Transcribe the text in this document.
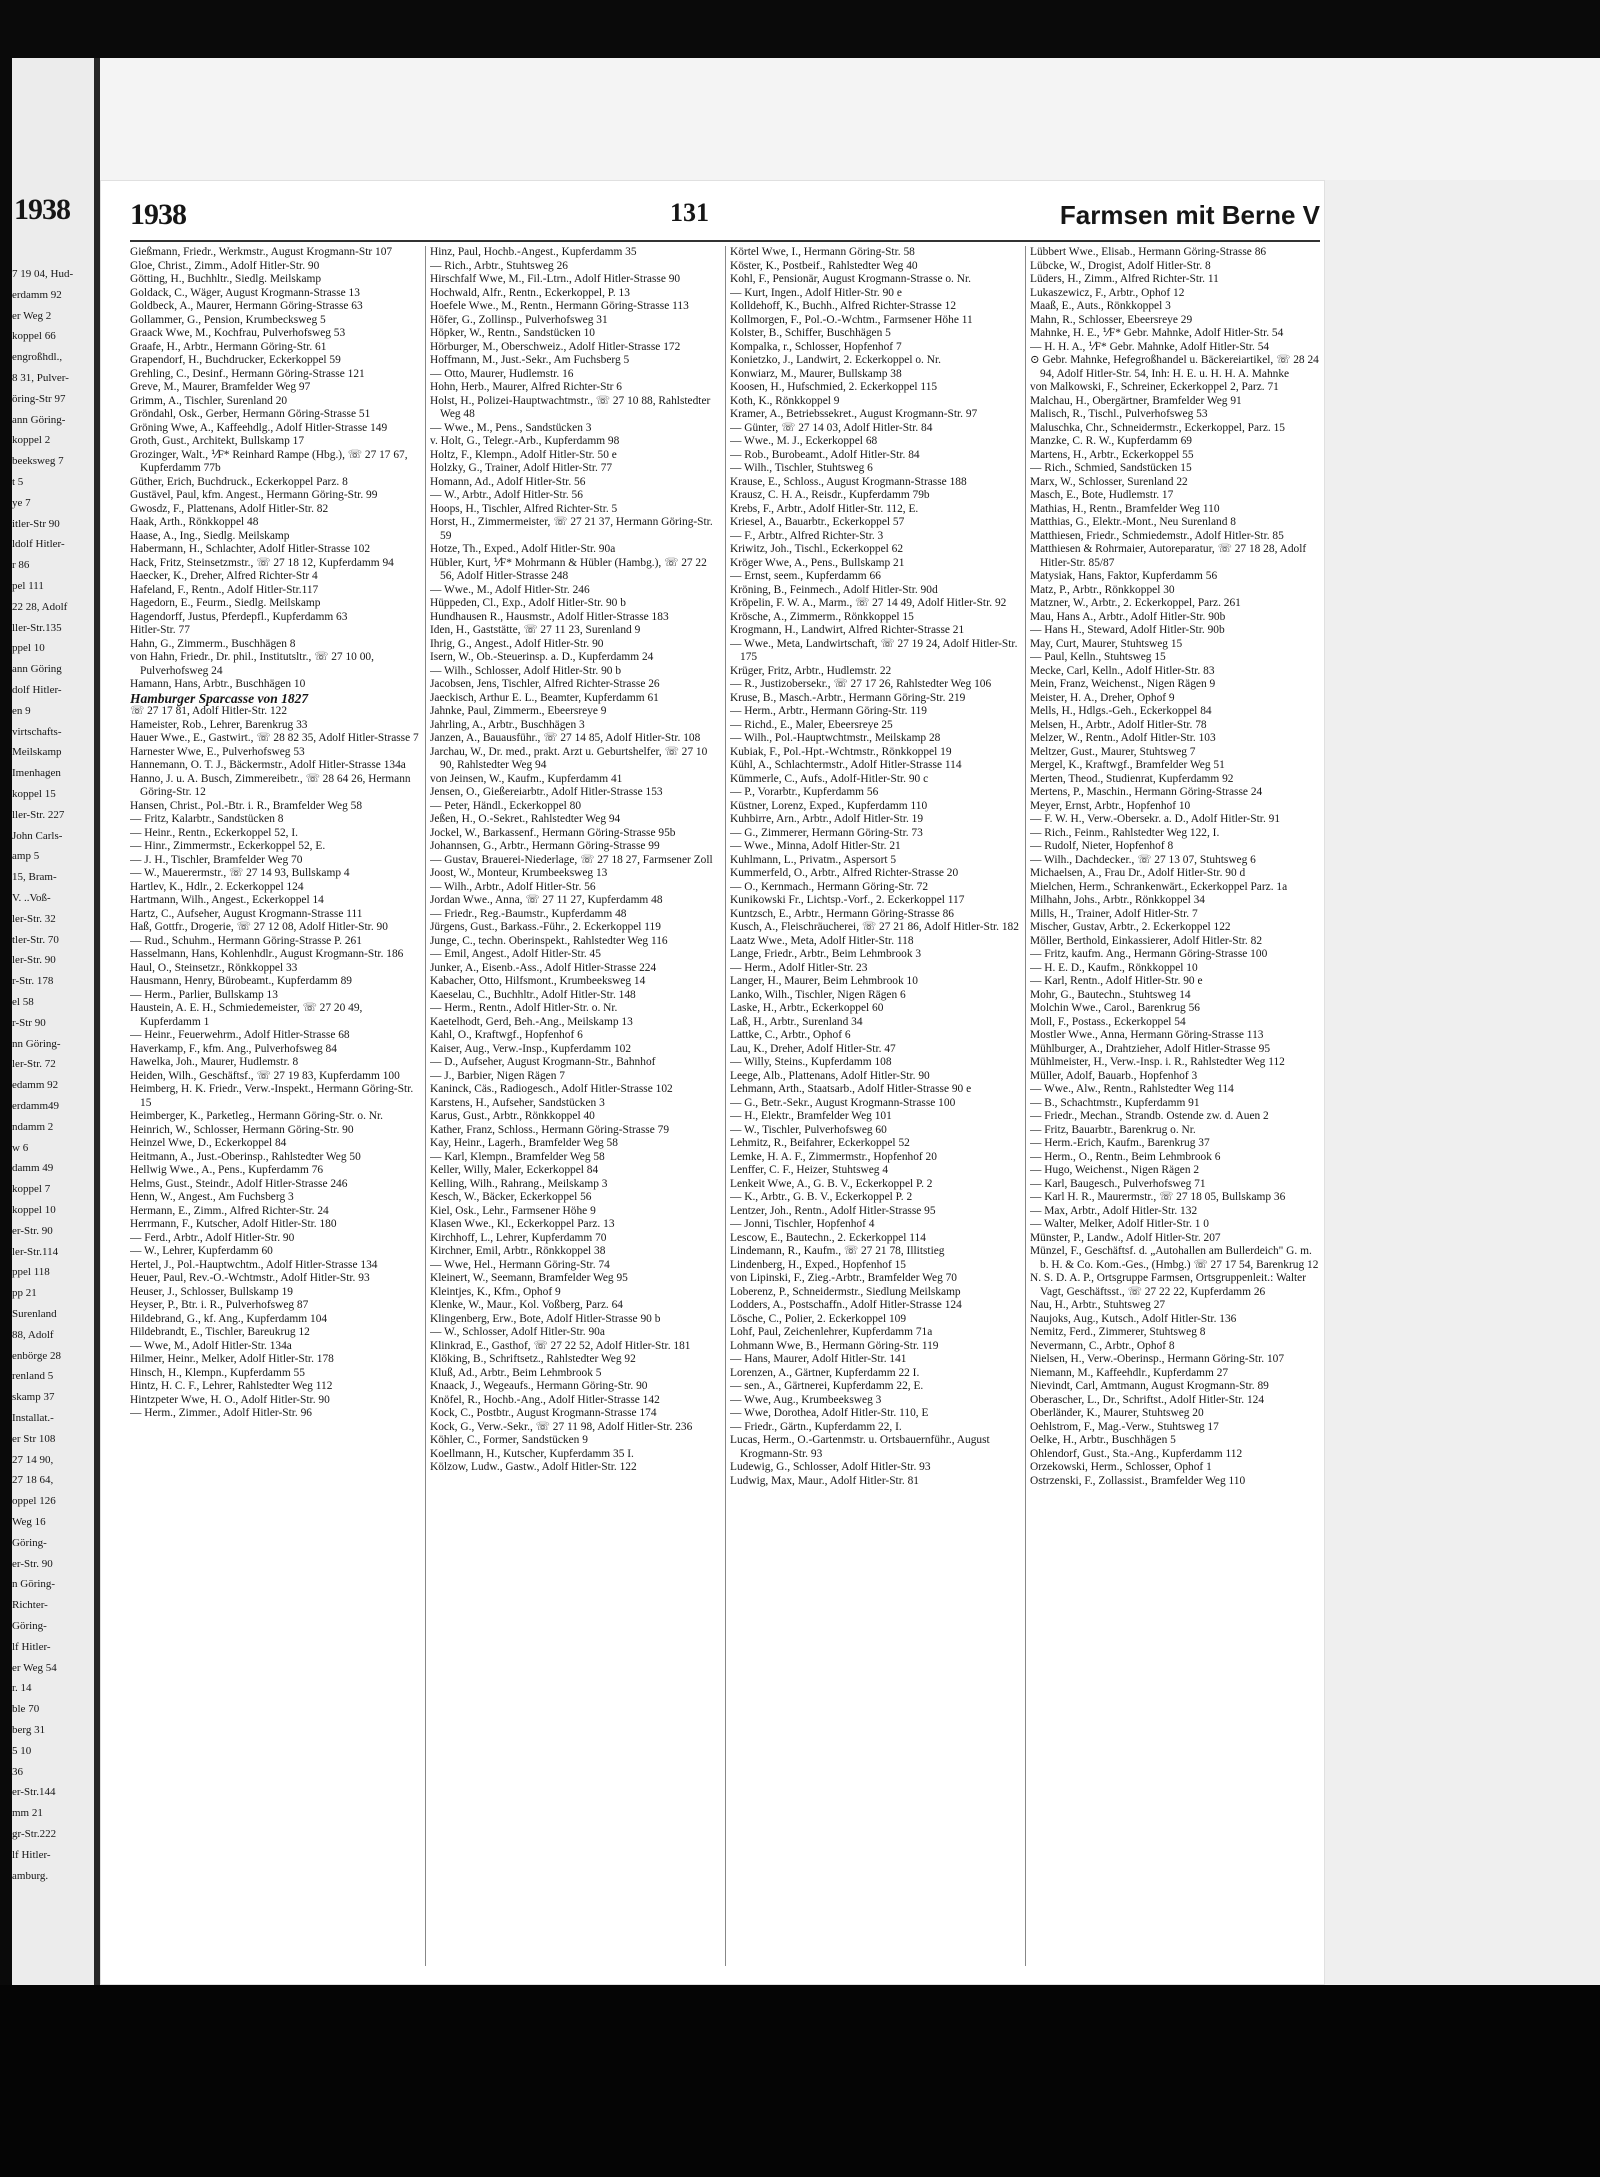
1938
7 19 04, Hud-
erdamm 92
er Weg 2
koppel 66
engroßhdl.,
8 31, Pulver-
öring-Str 97
ann Göring-
koppel 2
beeksweg 7
t 5
ye 7
itler-Str 90
ldolf Hitler-
r 86
pel 111
22 28, Adolf
ller-Str.135
ppel 10
ann Göring
dolf Hitler-
en 9
virtschafts-
Meilskamp
Imenhagen
koppel 15
ller-Str. 227
John Carls-
amp 5
15, Bram-
V. ..Voß-
ler-Str. 32
tler-Str. 70
ler-Str. 90
r-Str. 178
el 58
r-Str 90
nn Göring-
ler-Str. 72
edamm 92
erdamm49
ndamm 2
w 6
damm 49
koppel 7
koppel 10
er-Str. 90
ler-Str.114
ppel 118
pp 21
Surenland
88, Adolf
enbörge 28
renland 5
skamp 37
Installat.-
er Str 108
27 14 90,
27 18 64,
oppel 126
Weg 16
Göring-
er-Str. 90
n Göring-
Richter-
Göring-
lf Hitler-
er Weg 54
r. 14
ble 70
berg 31
5 10
36
er-Str.144
mm 21
gr-Str.222
lf Hitler-
amburg.
1938	131	Farmsen mit Berne V

Gießmann, Friedr., Werkmstr., August Krogmann-Str 107

Gloe, Christ., Zimm., Adolf Hitler-Str. 90

Götting, H., Buchhltr., Siedlg. Meilskamp

Goldack, C., Wäger, August Krogmann-Strasse 13

Goldbeck, A., Maurer, Hermann Göring-Strasse 63

Gollammer, G., Pension, Krumbecksweg 5

Graack Wwe, M., Kochfrau, Pulverhofsweg 53

Graafe, H., Arbtr., Hermann Göring-Str. 61

Grapendorf, H., Buchdrucker, Eckerkoppel 59

Grehling, C., Desinf., Hermann Göring-Strasse 121

Greve, M., Maurer, Bramfelder Weg 97

Grimm, A., Tischler, Surenland 20

Gröndahl, Osk., Gerber, Hermann Göring-Strasse 51

Gröning Wwe, A., Kaffeehdlg., Adolf Hitler-Strasse 149

Groth, Gust., Architekt, Bullskamp 17

Grozinger, Walt., ⅟F* Reinhard Rampe (Hbg.), ☏ 27 17 67, Kupferdamm 77b

Güther, Erich, Buchdruck., Eckerkoppel Parz. 8

Gustävel, Paul, kfm. Angest., Hermann Göring-Str. 99

Gwosdz, F., Plattenans, Adolf Hitler-Str. 82

Haak, Arth., Rönkkoppel 48

Haase, A., Ing., Siedlg. Meilskamp

Habermann, H., Schlachter, Adolf Hitler-Strasse 102

Hack, Fritz, Steinsetzmstr., ☏ 27 18 12, Kupferdamm 94

Haecker, K., Dreher, Alfred Richter-Str 4

Hafeland, F., Rentn., Adolf Hitler-Str.117

Hagedorn, E., Feurm., Siedlg. Meilskamp

Hagendorff, Justus, Pferdepfl., Kupferdamm 63

Hitler-Str. 77

Hahn, G., Zimmerm., Buschhägen 8

von Hahn, Friedr., Dr. phil., Institutsltr., ☏ 27 10 00, Pulverhofsweg 24

Hamann, Hans, Arbtr., Buschhägen 10

Hamburger Sparcasse von 1827

☏ 27 17 81, Adolf Hitler-Str. 122

Hameister, Rob., Lehrer, Barenkrug 33

Hauer Wwe., E., Gastwirt., ☏ 28 82 35, Adolf Hitler-Strasse 7

Harnester Wwe, E., Pulverhofsweg 53

Hannemann, O. T. J., Bäckermstr., Adolf Hitler-Strasse 134a

Hanno, J. u. A. Busch, Zimmereibetr., ☏ 28 64 26, Hermann Göring-Str. 12

Hansen, Christ., Pol.-Btr. i. R., Bramfelder Weg 58

— Fritz, Kalarbtr., Sandstücken 8

— Heinr., Rentn., Eckerkoppel 52, I.

— Hinr., Zimmermstr., Eckerkoppel 52, E.

— J. H., Tischler, Bramfelder Weg 70

— W., Mauerermstr., ☏ 27 14 93, Bullskamp 4

Hartlev, K., Hdlr., 2. Eckerkoppel 124

Hartmann, Wilh., Angest., Eckerkoppel 14

Hartz, C., Aufseher, August Krogmann-Strasse 111

Haß, Gottfr., Drogerie, ☏ 27 12 08, Adolf Hitler-Str. 90

— Rud., Schuhm., Hermann Göring-Strasse P. 261

Hasselmann, Hans, Kohlenhdlr., August Krogmann-Str. 186

Haul, O., Steinsetzr., Rönkkoppel 33

Hausmann, Henry, Bürobeamt., Kupferdamm 89

— Herm., Parlier, Bullskamp 13

Haustein, A. E. H., Schmiedemeister, ☏ 27 20 49, Kupferdamm 1

— Heinr., Feuerwehrm., Adolf Hitler-Strasse 68

Haverkamp, F., kfm. Ang., Pulverhofsweg 84

Hawelka, Joh., Maurer, Hudlemstr. 8

Heiden, Wilh., Geschäftsf., ☏ 27 19 83, Kupferdamm 100

Heimberg, H. K. Friedr., Verw.-Inspekt., Hermann Göring-Str. 15

Heimberger, K., Parketleg., Hermann Göring-Str. o. Nr.

Heinrich, W., Schlosser, Hermann Göring-Str. 90

Heinzel Wwe, D., Eckerkoppel 84

Heitmann, A., Just.-Oberinsp., Rahlstedter Weg 50

Hellwig Wwe., A., Pens., Kupferdamm 76

Helms, Gust., Steindr., Adolf Hitler-Strasse 246

Henn, W., Angest., Am Fuchsberg 3

Hermann, E., Zimm., Alfred Richter-Str. 24

Herrmann, F., Kutscher, Adolf Hitler-Str. 180

— Ferd., Arbtr., Adolf Hitler-Str. 90

— W., Lehrer, Kupferdamm 60

Hertel, J., Pol.-Hauptwchtm., Adolf Hitler-Strasse 134

Heuer, Paul, Rev.-O.-Wchtmstr., Adolf Hitler-Str. 93

Heuser, J., Schlosser, Bullskamp 19

Heyser, P., Btr. i. R., Pulverhofsweg 87

Hildebrand, G., kf. Ang., Kupferdamm 104

Hildebrandt, E., Tischler, Bareukrug 12

— Wwe, M., Adolf Hitler-Str. 134a

Hilmer, Heinr., Melker, Adolf Hitler-Str. 178

Hinsch, H., Klempn., Kupferdamm 55

Hintz, H. C. F., Lehrer, Rahlstedter Weg 112

Hintzpeter Wwe, H. O., Adolf Hitler-Str. 90

— Herm., Zimmer., Adolf Hitler-Str. 96

Hinz, Paul, Hochb.-Angest., Kupferdamm 35

— Rich., Arbtr., Stuhtsweg 26

Hirschfalf Wwe, M., Fil.-Ltrn., Adolf Hitler-Strasse 90

Hochwald, Alfr., Rentn., Eckerkoppel, P. 13

Hoefele Wwe., M., Rentn., Hermann Göring-Strasse 113

Höfer, G., Zollinsp., Pulverhofsweg 31

Höpker, W., Rentn., Sandstücken 10

Hörburger, M., Oberschweiz., Adolf Hitler-Strasse 172

Hoffmann, M., Just.-Sekr., Am Fuchsberg 5

— Otto, Maurer, Hudlemstr. 16

Hohn, Herb., Maurer, Alfred Richter-Str 6

Holst, H., Polizei-Hauptwachtmstr., ☏ 27 10 88, Rahlstedter Weg 48

— Wwe., M., Pens., Sandstücken 3

v. Holt, G., Telegr.-Arb., Kupferdamm 98

Holtz, F., Klempn., Adolf Hitler-Str. 50 e

Holzky, G., Trainer, Adolf Hitler-Str. 77

Homann, Ad., Adolf Hitler-Str. 56

— W., Arbtr., Adolf Hitler-Str. 56

Hoops, H., Tischler, Alfred Richter-Str. 5

Horst, H., Zimmermeister, ☏ 27 21 37, Hermann Göring-Str. 59

Hotze, Th., Exped., Adolf Hitler-Str. 90a

Hübler, Kurt, ⅟F* Mohrmann & Hübler (Hambg.), ☏ 27 22 56, Adolf Hitler-Strasse 248

— Wwe., M., Adolf Hitler-Str. 246

Hüppeden, Cl., Exp., Adolf Hitler-Str. 90 b

Hundhausen R., Hausmstr., Adolf Hitler-Strasse 183

Iden, H., Gaststätte, ☏ 27 11 23, Surenland 9

Ihrig, G., Angest., Adolf Hitler-Str. 90

Isern, W., Ob.-Steuerinsp. a. D., Kupferdamm 24

— Wilh., Schlosser, Adolf Hitler-Str. 90 b

Jacobsen, Jens, Tischler, Alfred Richter-Strasse 26

Jaeckisch, Arthur E. L., Beamter, Kupferdamm 61

Jahnke, Paul, Zimmerm., Ebeersreye 9

Jahrling, A., Arbtr., Buschhägen 3

Janzen, A., Bauausführ., ☏ 27 14 85, Adolf Hitler-Str. 108

Jarchau, W., Dr. med., prakt. Arzt u. Geburtshelfer, ☏ 27 10 90, Rahlstedter Weg 94

von Jeinsen, W., Kaufm., Kupferdamm 41

Jensen, O., Gießereiarbtr., Adolf Hitler-Strasse 153

— Peter, Händl., Eckerkoppel 80

Jeßen, H., O.-Sekret., Rahlstedter Weg 94

Jockel, W., Barkassenf., Hermann Göring-Strasse 95b

Johannsen, G., Arbtr., Hermann Göring-Strasse 99

— Gustav, Brauerei-Niederlage, ☏ 27 18 27, Farmsener Zoll

Joost, W., Monteur, Krumbeeksweg 13

— Wilh., Arbtr., Adolf Hitler-Str. 56

Jordan Wwe., Anna, ☏ 27 11 27, Kupferdamm 48

— Friedr., Reg.-Baumstr., Kupferdamm 48

Jürgens, Gust., Barkass.-Führ., 2. Eckerkoppel 119

Junge, C., techn. Oberinspekt., Rahlstedter Weg 116

— Emil, Angest., Adolf Hitler-Str. 45

Junker, A., Eisenb.-Ass., Adolf Hitler-Strasse 224

Kabacher, Otto, Hilfsmont., Krumbeeksweg 14

Kaeselau, C., Buchhltr., Adolf Hitler-Str. 148

— Herm., Rentn., Adolf Hitler-Str. o. Nr.

Kaetelhodt, Gerd, Beh.-Ang., Meilskamp 13

Kahl, O., Kraftwgf., Hopfenhof 6

Kaiser, Aug., Verw.-Insp., Kupferdamm 102

— D., Aufseher, August Krogmann-Str., Bahnhof

— J., Barbier, Nigen Rägen 7

Kaninck, Cäs., Radiogesch., Adolf Hitler-Strasse 102

Karstens, H., Aufseher, Sandstücken 3

Karus, Gust., Arbtr., Rönkkoppel 40

Kather, Franz, Schloss., Hermann Göring-Strasse 79

Kay, Heinr., Lagerh., Bramfelder Weg 58

— Karl, Klempn., Bramfelder Weg 58

Keller, Willy, Maler, Eckerkoppel 84

Kelling, Wilh., Rahrang., Meilskamp 3

Kesch, W., Bäcker, Eckerkoppel 56

Kiel, Osk., Lehr., Farmsener Höhe 9

Klasen Wwe., Kl., Eckerkoppel Parz. 13

Kirchhoff, L., Lehrer, Kupferdamm 70

Kirchner, Emil, Arbtr., Rönkkoppel 38

— Wwe, Hel., Hermann Göring-Str. 74

Kleinert, W., Seemann, Bramfelder Weg 95

Kleintjes, K., Kfm., Ophof 9

Klenke, W., Maur., Kol. Voßberg, Parz. 64

Klingenberg, Erw., Bote, Adolf Hitler-Strasse 90 b

— W., Schlosser, Adolf Hitler-Str. 90a

Klinkrad, E., Gasthof, ☏ 27 22 52, Adolf Hitler-Str. 181

Klöking, B., Schriftsetz., Rahlstedter Weg 92

Kluß, Ad., Arbtr., Beim Lehmbrook 5

Knaack, J., Wegeaufs., Hermann Göring-Str. 90

Knöfel, R., Hochb.-Ang., Adolf Hitler-Strasse 142

Kock, C., Postbtr., August Krogmann-Strasse 174

Kock, G., Verw.-Sekr., ☏ 27 11 98, Adolf Hitler-Str. 236

Köhler, C., Former, Sandstücken 9

Koellmann, H., Kutscher, Kupferdamm 35 I.

Kölzow, Ludw., Gastw., Adolf Hitler-Str. 122

Körtel Wwe, I., Hermann Göring-Str. 58

Köster, K., Postbeif., Rahlstedter Weg 40

Kohl, F., Pensionär, August Krogmann-Strasse o. Nr.

— Kurt, Ingen., Adolf Hitler-Str. 90 e

Kolldehoff, K., Buchh., Alfred Richter-Strasse 12

Kollmorgen, F., Pol.-O.-Wchtm., Farmsener Höhe 11

Kolster, B., Schiffer, Buschhägen 5

Kompalka, r., Schlosser, Hopfenhof 7

Konietzko, J., Landwirt, 2. Eckerkoppel o. Nr.

Konwiarz, M., Maurer, Bullskamp 38

Koosen, H., Hufschmied, 2. Eckerkoppel 115

Koth, K., Rönkkoppel 9

Kramer, A., Betriebssekret., August Krogmann-Str. 97

— Günter, ☏ 27 14 03, Adolf Hitler-Str. 84

— Wwe., M. J., Eckerkoppel 68

— Rob., Burobeamt., Adolf Hitler-Str. 84

— Wilh., Tischler, Stuhtsweg 6

Krause, E., Schloss., August Krogmann-Strasse 188

Krausz, C. H. A., Reisdr., Kupferdamm 79b

Krebs, F., Arbtr., Adolf Hitler-Str. 112, E.

Kriesel, A., Bauarbtr., Eckerkoppel 57

— F., Arbtr., Alfred Richter-Str. 3

Kriwitz, Joh., Tischl., Eckerkoppel 62

Kröger Wwe, A., Pens., Bullskamp 21

— Ernst, seem., Kupferdamm 66

Kröning, B., Feinmech., Adolf Hitler-Str. 90d

Kröpelin, F. W. A., Marm., ☏ 27 14 49, Adolf Hitler-Str. 92

Krösche, A., Zimmerm., Rönkkoppel 15

Krogmann, H., Landwirt, Alfred Richter-Strasse 21

— Wwe., Meta, Landwirtschaft, ☏ 27 19 24, Adolf Hitler-Str. 175

Krüger, Fritz, Arbtr., Hudlemstr. 22

— R., Justizobersekr., ☏ 27 17 26, Rahlstedter Weg 106

Kruse, B., Masch.-Arbtr., Hermann Göring-Str. 219

— Herm., Arbtr., Hermann Göring-Str. 119

— Richd., E., Maler, Ebeersreye 25

— Wilh., Pol.-Hauptwchtmstr., Meilskamp 28

Kubiak, F., Pol.-Hpt.-Wchtmstr., Rönkkoppel 19

Kühl, A., Schlachtermstr., Adolf Hitler-Strasse 114

Kümmerle, C., Aufs., Adolf-Hitler-Str. 90 c

— P., Vorarbtr., Kupferdamm 56

Küstner, Lorenz, Exped., Kupferdamm 110

Kuhbirre, Arn., Arbtr., Adolf Hitler-Str. 19

— G., Zimmerer, Hermann Göring-Str. 73

— Wwe., Minna, Adolf Hitler-Str. 21

Kuhlmann, L., Privatm., Aspersort 5

Kummerfeld, O., Arbtr., Alfred Richter-Strasse 20

— O., Kernmach., Hermann Göring-Str. 72

Kunikowski Fr., Lichtsp.-Vorf., 2. Eckerkoppel 117

Kuntzsch, E., Arbtr., Hermann Göring-Strasse 86

Kusch, A., Fleischräucherei, ☏ 27 21 86, Adolf Hitler-Str. 182

Laatz Wwe., Meta, Adolf Hitler-Str. 118

Lange, Friedr., Arbtr., Beim Lehmbrook 3

— Herm., Adolf Hitler-Str. 23

Langer, H., Maurer, Beim Lehmbrook 10

Lanko, Wilh., Tischler, Nigen Rägen 6

Laske, H., Arbtr., Eckerkoppel 60

Laß, H., Arbtr., Surenland 34

Lattke, C., Arbtr., Ophof 6

Lau, K., Dreher, Adolf Hitler-Str. 47

— Willy, Steins., Kupferdamm 108

Leege, Alb., Plattenans, Adolf Hitler-Str. 90

Lehmann, Arth., Staatsarb., Adolf Hitler-Strasse 90 e

— G., Betr.-Sekr., August Krogmann-Strasse 100

— H., Elektr., Bramfelder Weg 101

— W., Tischler, Pulverhofsweg 60

Lehmitz, R., Beifahrer, Eckerkoppel 52

Lemke, H. A. F., Zimmermstr., Hopfenhof 20

Lenffer, C. F., Heizer, Stuhtsweg 4

Lenkeit Wwe, A., G. B. V., Eckerkoppel P. 2

— K., Arbtr., G. B. V., Eckerkoppel P. 2

Lentzer, Joh., Rentn., Adolf Hitler-Strasse 95

— Jonni, Tischler, Hopfenhof 4

Lescow, E., Bautechn., 2. Eckerkoppel 114

Lindemann, R., Kaufm., ☏ 27 21 78, Illitstieg

Lindenberg, H., Exped., Hopfenhof 15

von Lipinski, F., Zieg.-Arbtr., Bramfelder Weg 70

Loberenz, P., Schneidermstr., Siedlung Meilskamp

Lodders, A., Postschaffn., Adolf Hitler-Strasse 124

Lösche, C., Polier, 2. Eckerkoppel 109

Lohf, Paul, Zeichenlehrer, Kupferdamm 71a

Lohmann Wwe, B., Hermann Göring-Str. 119

— Hans, Maurer, Adolf Hitler-Str. 141

Lorenzen, A., Gärtner, Kupferdamm 22 I.

— sen., A., Gärtnerei, Kupferdamm 22, E.

— Wwe, Aug., Krumbeeksweg 3

— Wwe, Dorothea, Adolf Hitler-Str. 110, E

— Friedr., Gärtn., Kupferdamm 22, I.

Lucas, Herm., O.-Gartenmstr. u. Ortsbauernführ., August Krogmann-Str. 93

Ludewig, G., Schlosser, Adolf Hitler-Str. 93

Ludwig, Max, Maur., Adolf Hitler-Str. 81

Lübbert Wwe., Elisab., Hermann Göring-Strasse 86

Lübcke, W., Drogist, Adolf Hitler-Str. 8

Lüders, H., Zimm., Alfred Richter-Str. 11

Lukaszewicz, F., Arbtr., Ophof 12

Maaß, E., Auts., Rönkkoppel 3

Mahn, R., Schlosser, Ebeersreye 29

Mahnke, H. E., ⅟F* Gebr. Mahnke, Adolf Hitler-Str. 54

— H. H. A., ⅟F* Gebr. Mahnke, Adolf Hitler-Str. 54

⊙ Gebr. Mahnke, Hefegroßhandel u. Bäckereiartikel, ☏ 28 24 94, Adolf Hitler-Str. 54, Inh: H. E. u. H. H. A. Mahnke

von Malkowski, F., Schreiner, Eckerkoppel 2, Parz. 71

Malchau, H., Obergärtner, Bramfelder Weg 91

Malisch, R., Tischl., Pulverhofsweg 53

Maluschka, Chr., Schneidermstr., Eckerkoppel, Parz. 15

Manzke, C. R. W., Kupferdamm 69

Martens, H., Arbtr., Eckerkoppel 55

— Rich., Schmied, Sandstücken 15

Marx, W., Schlosser, Surenland 22

Masch, E., Bote, Hudlemstr. 17

Mathias, H., Rentn., Bramfelder Weg 110

Matthias, G., Elektr.-Mont., Neu Surenland 8

Matthiesen, Friedr., Schmiedemstr., Adolf Hitler-Str. 85

Matthiesen & Rohrmaier, Autoreparatur, ☏ 27 18 28, Adolf Hitler-Str. 85/87

Matysiak, Hans, Faktor, Kupferdamm 56

Matz, P., Arbtr., Rönkkoppel 30

Matzner, W., Arbtr., 2. Eckerkoppel, Parz. 261

Mau, Hans A., Arbtr., Adolf Hitler-Str. 90b

— Hans H., Steward, Adolf Hitler-Str. 90b

May, Curt, Maurer, Stuhtsweg 15

— Paul, Kelln., Stuhtsweg 15

Mecke, Carl, Kelln., Adolf Hitler-Str. 83

Mein, Franz, Weichenst., Nigen Rägen 9

Meister, H. A., Dreher, Ophof 9

Mells, H., Hdlgs.-Geh., Eckerkoppel 84

Melsen, H., Arbtr., Adolf Hitler-Str. 78

Melzer, W., Rentn., Adolf Hitler-Str. 103

Meltzer, Gust., Maurer, Stuhtsweg 7

Mergel, K., Kraftwgf., Bramfelder Weg 51

Merten, Theod., Studienrat, Kupferdamm 92

Mertens, P., Maschin., Hermann Göring-Strasse 24

Meyer, Ernst, Arbtr., Hopfenhof 10

— F. W. H., Verw.-Obersekr. a. D., Adolf Hitler-Str. 91

— Rich., Feinm., Rahlstedter Weg 122, I.

— Rudolf, Nieter, Hopfenhof 8

— Wilh., Dachdecker., ☏ 27 13 07, Stuhtsweg 6

Michaelsen, A., Frau Dr., Adolf Hitler-Str. 90 d

Mielchen, Herm., Schrankenwärt., Eckerkoppel Parz. 1a

Milhahn, Johs., Arbtr., Rönkkoppel 34

Mills, H., Trainer, Adolf Hitler-Str. 7

Mischer, Gustav, Arbtr., 2. Eckerkoppel 122

Möller, Berthold, Einkassierer, Adolf Hitler-Str. 82

— Fritz, kaufm. Ang., Hermann Göring-Strasse 100

— H. E. D., Kaufm., Rönkkoppel 10

— Karl, Rentn., Adolf Hitler-Str. 90 e

Mohr, G., Bautechn., Stuhtsweg 14

Molchin Wwe., Carol., Barenkrug 56

Moll, F., Postass., Eckerkoppel 54

Mostler Wwe., Anna, Hermann Göring-Strasse 113

Mühlburger, A., Drahtzieher, Adolf Hitler-Strasse 95

Mühlmeister, H., Verw.-Insp. i. R., Rahlstedter Weg 112

Müller, Adolf, Bauarb., Hopfenhof 3

— Wwe., Alw., Rentn., Rahlstedter Weg 114

— B., Schachtmstr., Kupferdamm 91

— Friedr., Mechan., Strandb. Ostende zw. d. Auen 2

— Fritz, Bauarbtr., Barenkrug o. Nr.

— Herm.-Erich, Kaufm., Barenkrug 37

— Herm., O., Rentn., Beim Lehmbrook 6

— Hugo, Weichenst., Nigen Rägen 2

— Karl, Baugesch., Pulverhofsweg 71

— Karl H. R., Maurermstr., ☏ 27 18 05, Bullskamp 36

— Max, Arbtr., Adolf Hitler-Str. 132

— Walter, Melker, Adolf Hitler-Str. 1 0

Münster, P., Landw., Adolf Hitler-Str. 207

Münzel, F., Geschäftsf. d. „Autohallen am Bullerdeich" G. m. b. H. & Co. Kom.-Ges., (Hmbg.) ☏ 27 17 54, Barenkrug 12

N. S. D. A. P., Ortsgruppe Farmsen, Ortsgruppenleit.: Walter Vagt, Geschäftsst., ☏ 27 22 22, Kupferdamm 26

Nau, H., Arbtr., Stuhtsweg 27

Naujoks, Aug., Kutsch., Adolf Hitler-Str. 136

Nemitz, Ferd., Zimmerer, Stuhtsweg 8

Nevermann, C., Arbtr., Ophof 8

Nielsen, H., Verw.-Oberinsp., Hermann Göring-Str. 107

Niemann, M., Kaffeehdlr., Kupferdamm 27

Nievindt, Carl, Amtmann, August Krogmann-Str. 89

Oberascher, L., Dr., Schriftst., Adolf Hitler-Str. 124

Oberländer, K., Maurer, Stuhtsweg 20

Oehlstrom, F., Mag.-Verw., Stuhtsweg 17

Oelke, H., Arbtr., Buschhägen 5

Ohlendorf, Gust., Sta.-Ang., Kupferdamm 112

Orzekowski, Herm., Schlosser, Ophof 1

Ostrzenski, F., Zollassist., Bramfelder Weg 110
